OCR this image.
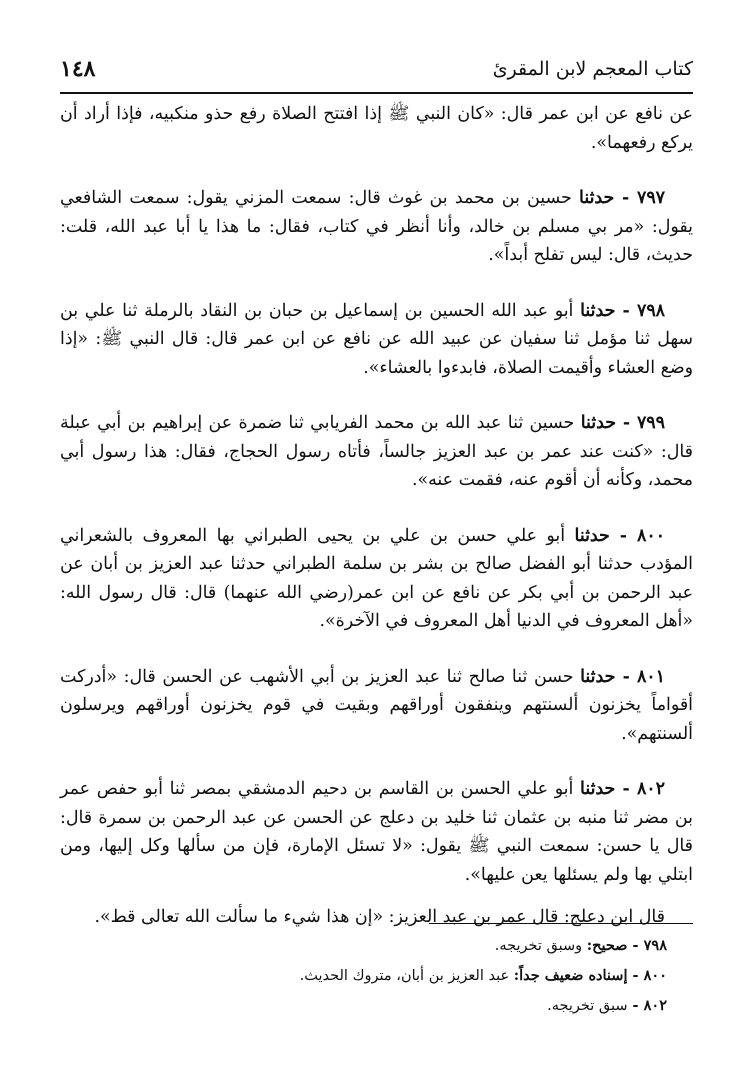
كتاب المعجم لابن المقرئ
١٤٨

عن نافع عن ابن عمر قال: «كان النبي ﷺ إذا افتتح الصلاة رفع حذو منكبيه، فإذا أراد أن يركع رفعهما».

٧٩٧ - حدثنا حسين بن محمد بن غوث قال: سمعت المزني يقول: سمعت الشافعي يقول: «مر بي مسلم بن خالد، وأنا أنظر في كتاب، فقال: ما هذا يا أبا عبد الله، قلت: حديث، قال: ليس تفلح أبداً».

٧٩٨ - حدثنا أبو عبد الله الحسين بن إسماعيل بن حبان بن النقاد بالرملة ثنا علي بن سهل ثنا مؤمل ثنا سفيان عن عبيد الله عن نافع عن ابن عمر قال: قال النبي ﷺ: «إذا وضع العشاء وأقيمت الصلاة، فابدءوا بالعشاء».

٧٩٩ - حدثنا حسين ثنا عبد الله بن محمد الفريابي ثنا ضمرة عن إبراهيم بن أبي عبلة قال: «كنت عند عمر بن عبد العزيز جالساً، فأتاه رسول الحجاج، فقال: هذا رسول أبي محمد، وكأنه أن أقوم عنه، فقمت عنه».

٨٠٠ - حدثنا أبو علي حسن بن علي بن يحيى الطبراني بها المعروف بالشعراني المؤدب حدثنا أبو الفضل صالح بن بشر بن سلمة الطبراني حدثنا عبد العزيز بن أبان عن عبد الرحمن بن أبي بكر عن نافع عن ابن عمر(رضي الله عنهما) قال: قال رسول الله: «أهل المعروف في الدنيا أهل المعروف في الآخرة».

٨٠١ - حدثنا حسن ثنا صالح ثنا عبد العزيز بن أبي الأشهب عن الحسن قال: «أدركت أقواماً يخزنون ألسنتهم وينفقون أوراقهم وبقيت في قوم يخزنون أوراقهم ويرسلون ألسنتهم».

٨٠٢ - حدثنا أبو علي الحسن بن القاسم بن دحيم الدمشقي بمصر ثنا أبو حفص عمر بن مضر ثنا منبه بن عثمان ثنا خليد بن دعلج عن الحسن عن عبد الرحمن بن سمرة قال: قال يا حسن: سمعت النبي ﷺ يقول: «لا تسئل الإمارة، فإن من سألها وكل إليها، ومن ابتلي بها ولم يسئلها يعن عليها».

قال ابن دعلج: قال عمر بن عبد العزيز: «إن هذا شيء ما سألت الله تعالى قط».

٧٩٨ - صحيح: وسبق تخريجه.

٨٠٠ - إسناده ضعيف جداً: عبد العزيز بن أبان، متروك الحديث.

٨٠٢ - سبق تخريجه.
